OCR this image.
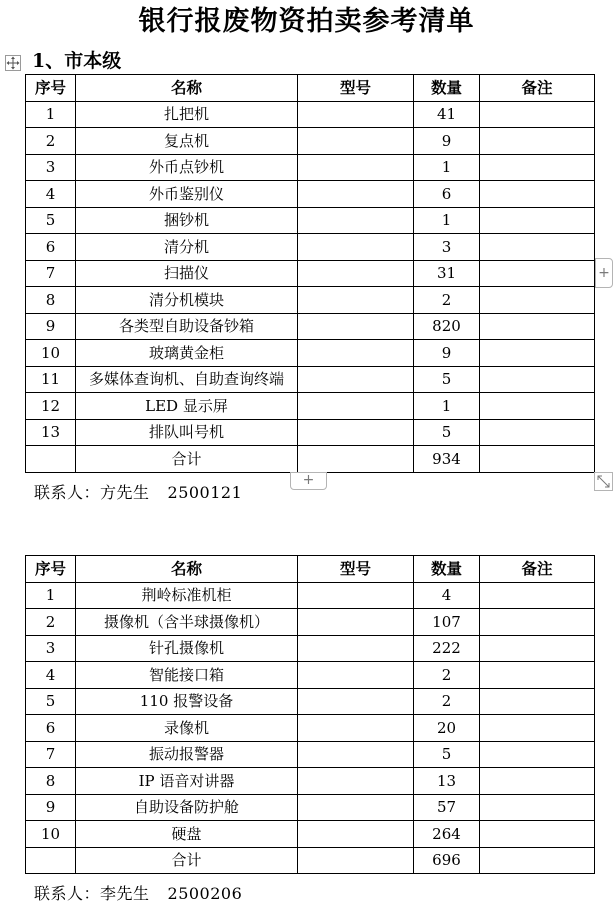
银行报废物资拍卖参考清单
1、市本级
序号	名称	型号	数量	备注
1	扎把机		41	
2	复点机		9	
3	外币点钞机		1	
4	外币鉴别仪		6	
5	捆钞机		1	
6	清分机		3	
7	扫描仪		31	
8	清分机模块		2	
9	各类型自助设备钞箱		820	
10	玻璃黄金柜		9	
11	多媒体查询机、自助查询终端		5	
12	LED 显示屏		1	
13	排队叫号机		5	
	合计		934	
+
+
联系人：方先生 2500121
序号	名称	型号	数量	备注
1	荆岭标准机柜		4	
2	摄像机（含半球摄像机）		107	
3	针孔摄像机		222	
4	智能接口箱		2	
5	110 报警设备		2	
6	录像机		20	
7	振动报警器		5	
8	IP 语音对讲器		13	
9	自助设备防护舱		57	
10	硬盘		264	
	合计		696	
联系人：李先生 2500206
